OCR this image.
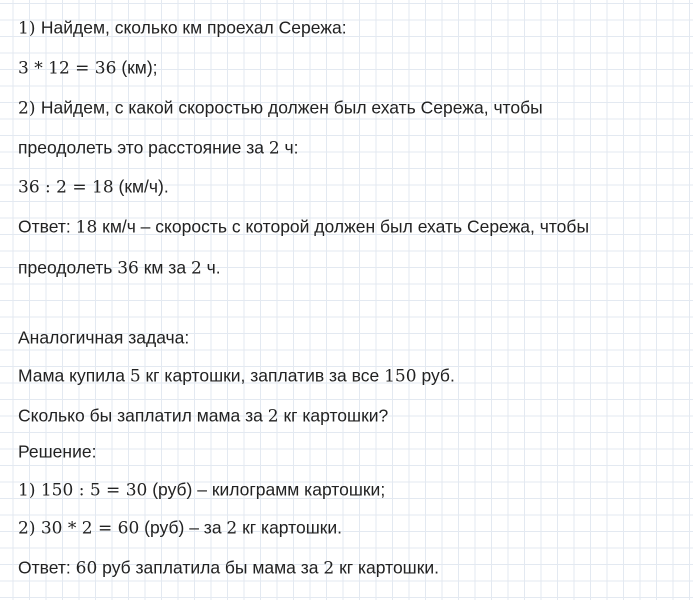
1) Найдем, сколько км проехал Сережа:
3 * 12 = 36 (км);
2) Найдем, с какой скоростью должен был ехать Сережа, чтобы
преодолеть это расстояние за 2 ч:
36 : 2 = 18 (км/ч).
Ответ: 18 км/ч – скорость с которой должен был ехать Сережа, чтобы
преодолеть 36 км за 2 ч.
Аналогичная задача:
Мама купила 5 кг картошки, заплатив за все 150 руб.
Сколько бы заплатил мама за 2 кг картошки?
Решение:
1) 150 : 5 = 30 (руб) – килограмм картошки;
2) 30 * 2 = 60 (руб) – за 2 кг картошки.
Ответ: 60 руб заплатила бы мама за 2 кг картошки.
